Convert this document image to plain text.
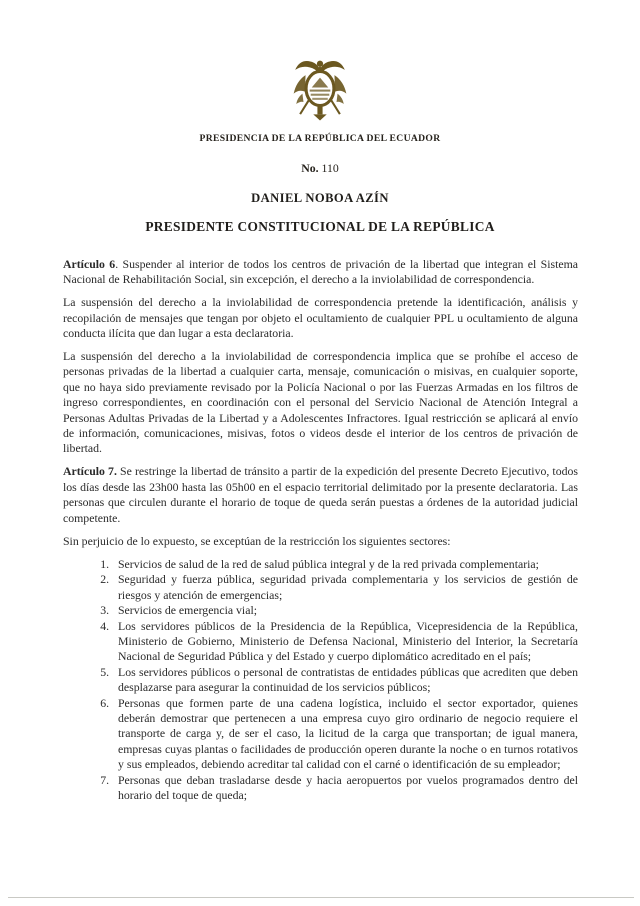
PRESIDENCIA DE LA REPÚBLICA DEL ECUADOR
No. 110
DANIEL NOBOA AZÍN
PRESIDENTE CONSTITUCIONAL DE LA REPÚBLICA

Artículo 6. Suspender al interior de todos los centros de privación de la libertad que integran el Sistema Nacional de Rehabilitación Social, sin excepción, el derecho a la inviolabilidad de correspondencia.

La suspensión del derecho a la inviolabilidad de correspondencia pretende la identificación, análisis y recopilación de mensajes que tengan por objeto el ocultamiento de cualquier PPL u ocultamiento de alguna conducta ilícita que dan lugar a esta declaratoria.

La suspensión del derecho a la inviolabilidad de correspondencia implica que se prohíbe el acceso de personas privadas de la libertad a cualquier carta, mensaje, comunicación o misivas, en cualquier soporte, que no haya sido previamente revisado por la Policía Nacional o por las Fuerzas Armadas en los filtros de ingreso correspondientes, en coordinación con el personal del Servicio Nacional de Atención Integral a Personas Adultas Privadas de la Libertad y a Adolescentes Infractores. Igual restricción se aplicará al envío de información, comunicaciones, misivas, fotos o videos desde el interior de los centros de privación de libertad.

Artículo 7. Se restringe la libertad de tránsito a partir de la expedición del presente Decreto Ejecutivo, todos los días desde las 23h00 hasta las 05h00 en el espacio territorial delimitado por la presente declaratoria. Las personas que circulen durante el horario de toque de queda serán puestas a órdenes de la autoridad judicial competente.

Sin perjuicio de lo expuesto, se exceptúan de la restricción los siguientes sectores:

1. Servicios de salud de la red de salud pública integral y de la red privada complementaria;
2. Seguridad y fuerza pública, seguridad privada complementaria y los servicios de gestión de riesgos y atención de emergencias;
3. Servicios de emergencia vial;
4. Los servidores públicos de la Presidencia de la República, Vicepresidencia de la República, Ministerio de Gobierno, Ministerio de Defensa Nacional, Ministerio del Interior, la Secretaría Nacional de Seguridad Pública y del Estado y cuerpo diplomático acreditado en el país;
5. Los servidores públicos o personal de contratistas de entidades públicas que acrediten que deben desplazarse para asegurar la continuidad de los servicios públicos;
6. Personas que formen parte de una cadena logística, incluido el sector exportador, quienes deberán demostrar que pertenecen a una empresa cuyo giro ordinario de negocio requiere el transporte de carga y, de ser el caso, la licitud de la carga que transportan; de igual manera, empresas cuyas plantas o facilidades de producción operen durante la noche o en turnos rotativos y sus empleados, debiendo acreditar tal calidad con el carné o identificación de su empleador;
7. Personas que deban trasladarse desde y hacia aeropuertos por vuelos programados dentro del horario del toque de queda;
